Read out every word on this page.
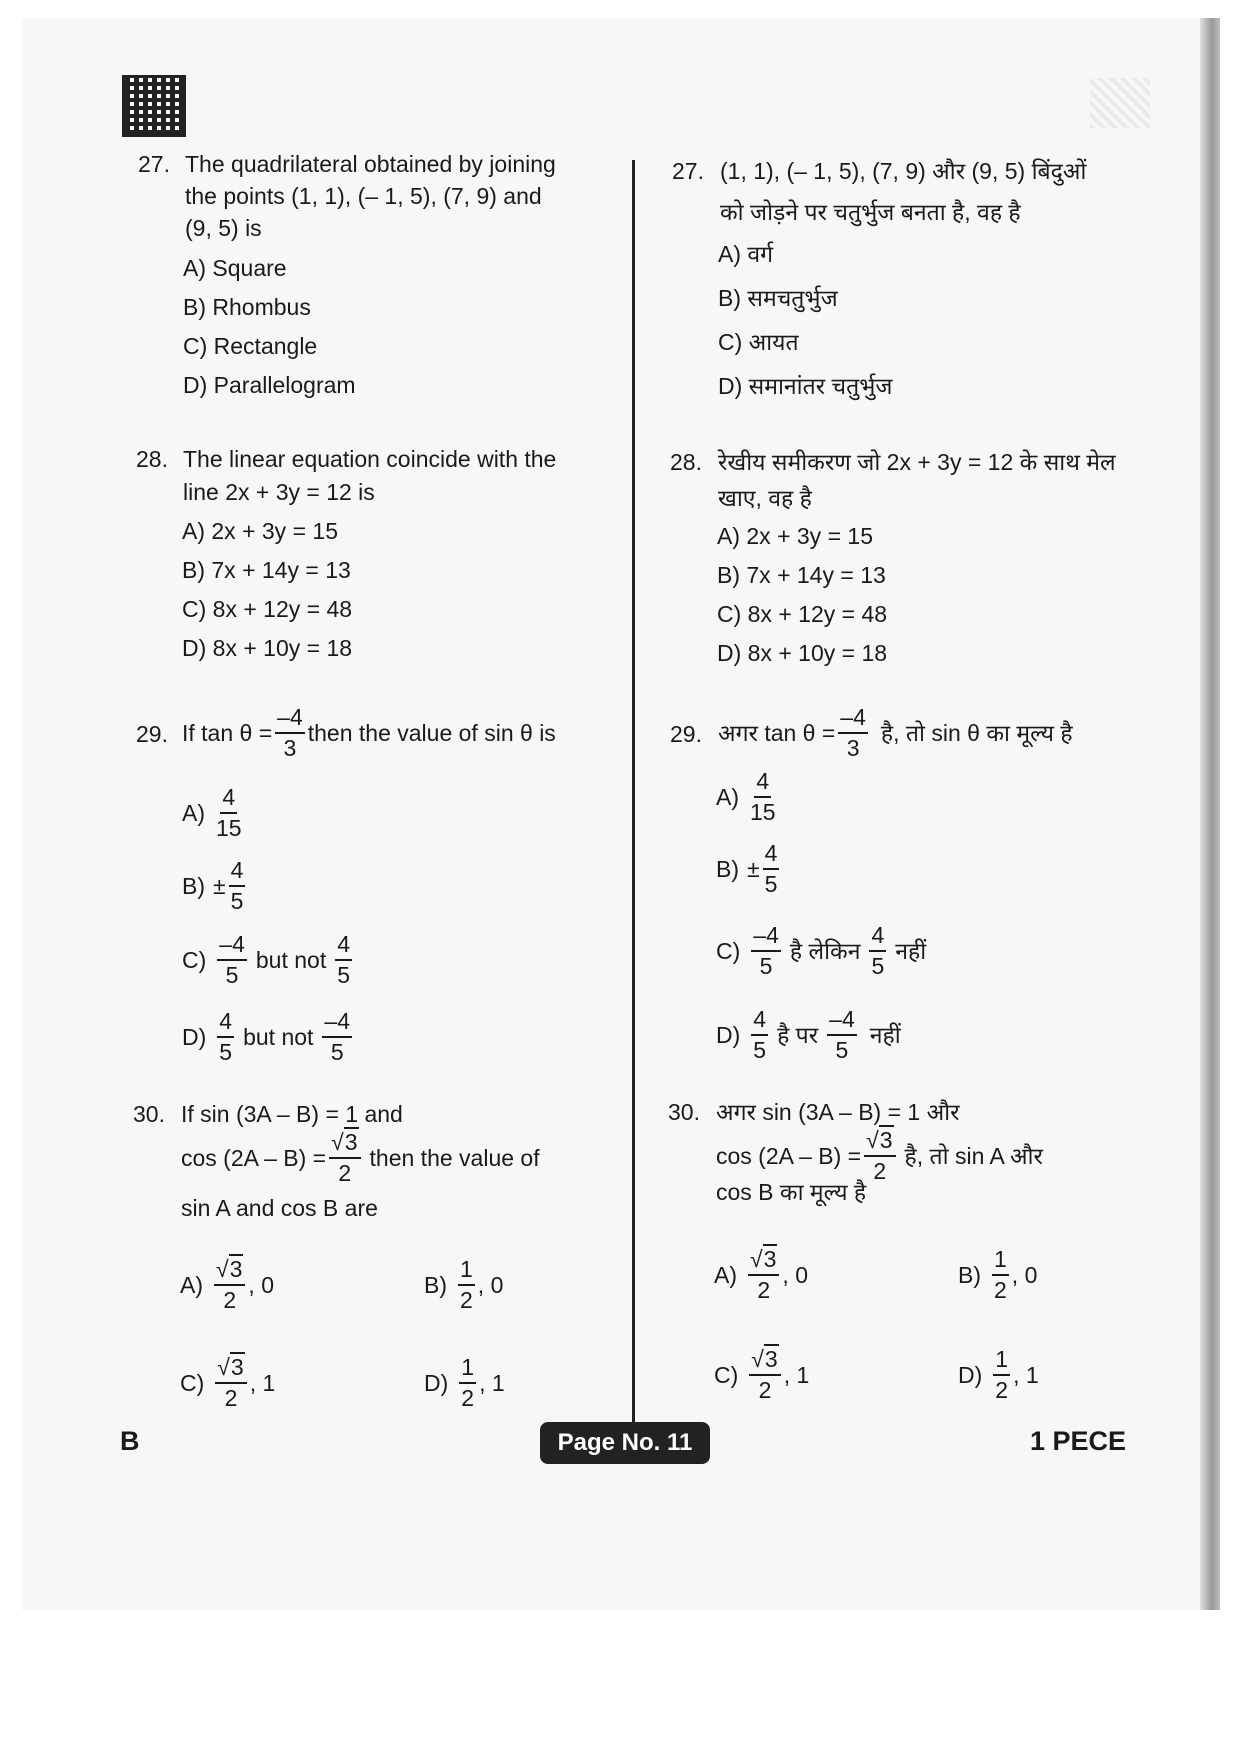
27. The quadrilateral obtained by joining
the points (1, 1), (– 1, 5), (7, 9) and
(9, 5) is
A) Square
B) Rhombus
C) Rectangle
D) Parallelogram
28. The linear equation coincide with the
line 2x + 3y = 12 is
A) 2x + 3y = 15
B) 7x + 14y = 13
C) 8x + 12y = 48
D) 8x + 10y = 18
29. If $\tan \theta = \frac{-4}{3}$ then the value of sin θ is
$A) \frac{4}{15}$
$B) \pm \frac{4}{5}$
$C) \frac{-4}{5}$ but not $\frac{4}{5}$
$D) \frac{4}{5}$ but not $\frac{-4}{5}$
30. If sin (3A – B) = 1 and
$\cos (2A - B) = \frac{√3}{2}$ then the value of
sin A and cos B are
$A) \frac{√3}{2}$ , 0	$B) \frac{1}{2}$ , 0
$C) \frac{√3}{2}$ , 1	$D) \frac{1}{2}$ , 1
27. (1, 1), (– 1, 5), (7, 9) और (9, 5) बिंदुओं
को जोड़ने पर चतुर्भुज बनता है, वह है
A) वर्ग
B) समचतुर्भुज
C) आयत
D) समानांतर चतुर्भुज
28. रेखीय समीकरण जो 2x + 3y = 12 के साथ मेल
खाए, वह है
A) 2x + 3y = 15
B) 7x + 14y = 13
C) 8x + 12y = 48
D) 8x + 10y = 18
29. अगर $\tan \theta = \frac{-4}{3}$ है, तो sin θ का मूल्य है
$A) \frac{4}{15}$
$B) \pm \frac{4}{5}$
$C) \frac{-4}{5}$ है लेकिन $\frac{4}{5}$ नहीं
$D) \frac{4}{5}$ है पर $\frac{-4}{5}$ नहीं
30. अगर sin (3A – B) = 1 और
$\cos (2A - B) = \frac{√3}{2}$ है, तो sin A और
cos B का मूल्य है
$A) \frac{√3}{2}$ , 0	$B) \frac{1}{2}$ , 0
$C) \frac{√3}{2}$ , 1	$D) \frac{1}{2}$ , 1
B	Page No. 11	1 PECE
